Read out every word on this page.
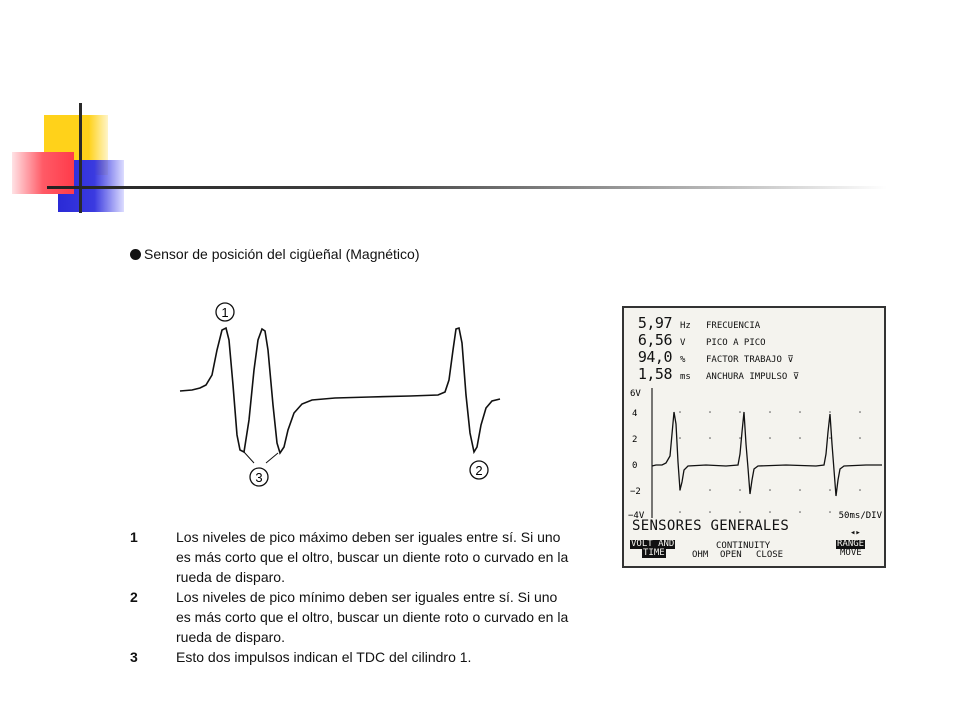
Sensor de posición del cigüeñal (Magnético)
1
2
3
1	Los niveles de pico máximo deben ser iguales entre sí. Si uno es más corto que el oltro, buscar un diente roto o curvado en la rueda de disparo.
2	Los niveles de pico mínimo deben ser iguales entre sí. Si uno es más corto que el oltro, buscar un diente roto o curvado en la rueda de disparo.
3	Esto dos impulsos indican el TDC del cilindro 1.
5,97 Hz	FRECUENCIA
6,56 V	PICO A PICO
94,0 %	FACTOR TRABAJO ⊽
1,58 ms	ANCHURA IMPULSO ⊽
6V
4
2
0
−2
−4V	50ms/DIV
SENSORES GENERALES	◂▸
VOLT AND
TIME
CONTINUITY
OHM OPEN CLOSE
RANGE
MOVE
